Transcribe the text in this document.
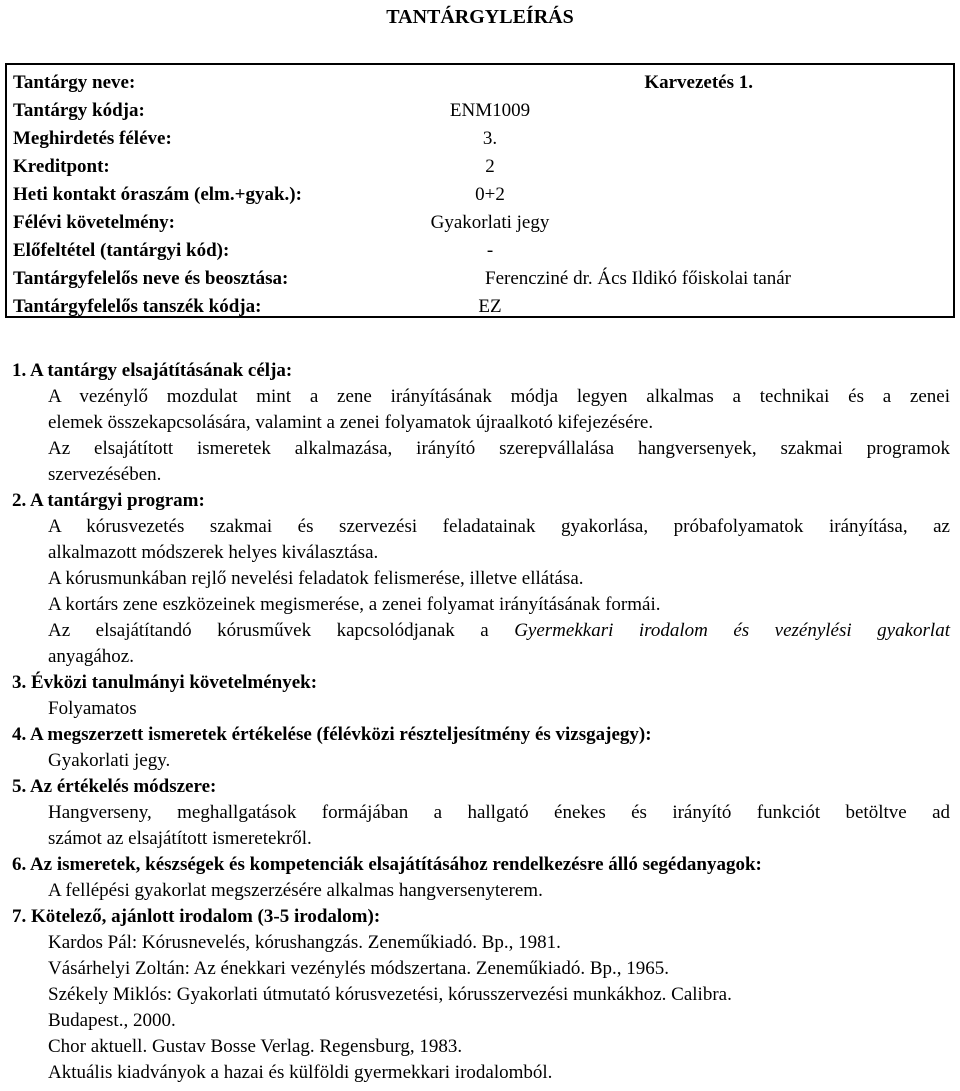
TANTÁRGYLEÍRÁS
Tantárgy neve:	Karvezetés 1.
Tantárgy kódja:	ENM1009
Meghirdetés féléve:	3.
Kreditpont:	2
Heti kontakt óraszám (elm.+gyak.):	0+2
Félévi követelmény:	Gyakorlati jegy
Előfeltétel (tantárgyi kód):	-
Tantárgyfelelős neve és beosztása:	Ferencziné dr. Ács Ildikó főiskolai tanár
Tantárgyfelelős tanszék kódja:	EZ
1. A tantárgy elsajátításának célja:
A vezénylő mozdulat mint a zene irányításának módja legyen alkalmas a technikai és a zenei
elemek összekapcsolására, valamint a zenei folyamatok újraalkotó kifejezésére.
Az elsajátított ismeretek alkalmazása, irányító szerepvállalása hangversenyek, szakmai programok
szervezésében.
2. A tantárgyi program:
A kórusvezetés szakmai és szervezési feladatainak gyakorlása, próbafolyamatok irányítása, az
alkalmazott módszerek helyes kiválasztása.
A kórusmunkában rejlő nevelési feladatok felismerése, illetve ellátása.
A kortárs zene eszközeinek megismerése, a zenei folyamat irányításának formái.
Az elsajátítandó kórusművek kapcsolódjanak a Gyermekkari irodalom és vezénylési gyakorlat
anyagához.
3. Évközi tanulmányi követelmények:
Folyamatos
4. A megszerzett ismeretek értékelése (félévközi részteljesítmény és vizsgajegy):
Gyakorlati jegy.
5. Az értékelés módszere:
Hangverseny, meghallgatások formájában a hallgató énekes és irányító funkciót betöltve ad
számot az elsajátított ismeretekről.
6. Az ismeretek, készségek és kompetenciák elsajátításához rendelkezésre álló segédanyagok:
A fellépési gyakorlat megszerzésére alkalmas hangversenyterem.
7. Kötelező, ajánlott irodalom (3-5 irodalom):
Kardos Pál: Kórusnevelés, kórushangzás. Zeneműkiadó. Bp., 1981.
Vásárhelyi Zoltán: Az énekkari vezénylés módszertana. Zeneműkiadó. Bp., 1965.
Székely Miklós: Gyakorlati útmutató kórusvezetési, kórusszervezési munkákhoz. Calibra.
Budapest., 2000.
Chor aktuell. Gustav Bosse Verlag. Regensburg, 1983.
Aktuális kiadványok a hazai és külföldi gyermekkari irodalomból.
